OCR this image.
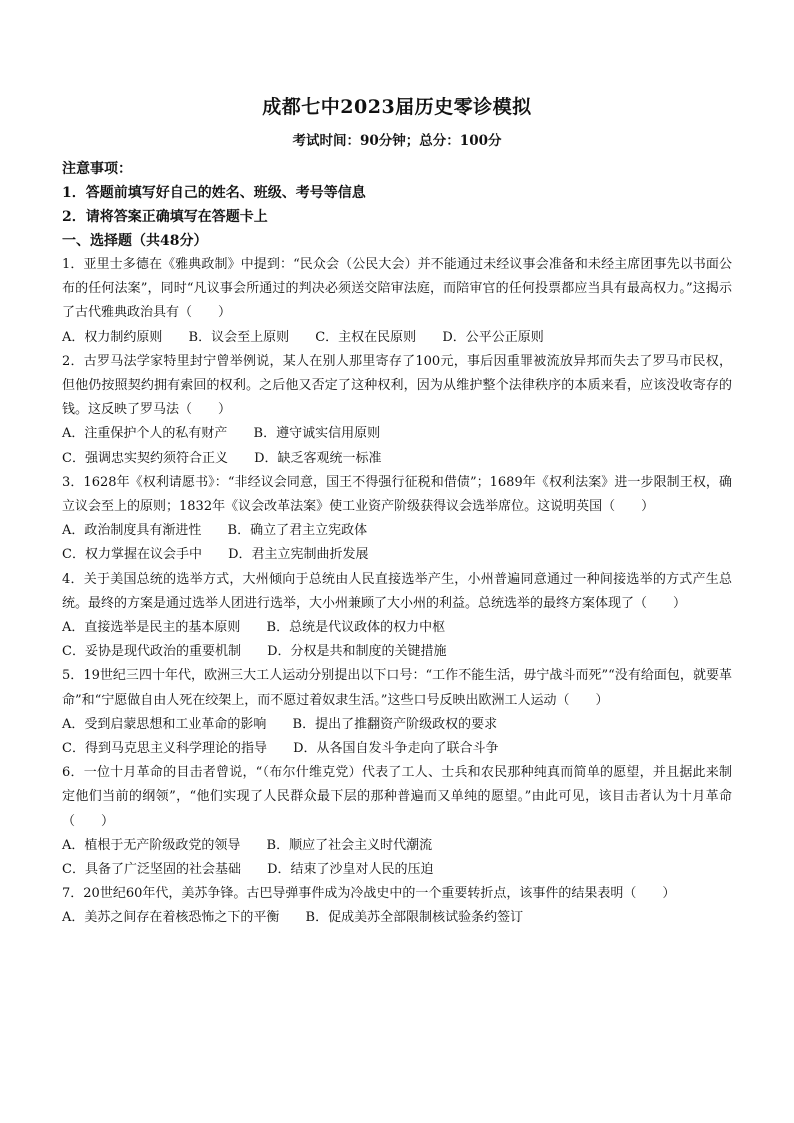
成都七中2023届历史零诊模拟
考试时间：90分钟；总分：100分
注意事项：
1．答题前填写好自己的姓名、班级、考号等信息
2．请将答案正确填写在答题卡上
一、选择题（共48分）

1．亚里士多德在《雅典政制》中提到：“民众会（公民大会）并不能通过未经议事会准备和未经主席团事先以书面公布的任何法案”，同时“凡议事会所通过的判决必须送交陪审法庭，而陪审官的任何投票都应当具有最高权力。”这揭示了古代雅典政治具有（　　）

A．权力制约原则 B．议会至上原则 C．主权在民原则 D．公平公正原则

2．古罗马法学家特里封宁曾举例说，某人在别人那里寄存了100元，事后因重罪被流放异邦而失去了罗马市民权，但他仍按照契约拥有索回的权利。之后他又否定了这种权利，因为从维护整个法律秩序的本质来看，应该没收寄存的钱。这反映了罗马法（　　）

A．注重保护个人的私有财产 B．遵守诚实信用原则
C．强调忠实契约须符合正义 D．缺乏客观统一标准

3．1628年《权利请愿书》：“非经议会同意，国王不得强行征税和借债”；1689年《权利法案》进一步限制王权，确立议会至上的原则；1832年《议会改革法案》使工业资产阶级获得议会选举席位。这说明英国（　　）

A．政治制度具有渐进性 B．确立了君主立宪政体
C．权力掌握在议会手中 D．君主立宪制曲折发展

4．关于美国总统的选举方式，大州倾向于总统由人民直接选举产生，小州普遍同意通过一种间接选举的方式产生总统。最终的方案是通过选举人团进行选举，大小州兼顾了大小州的利益。总统选举的最终方案体现了（　　）

A．直接选举是民主的基本原则 B．总统是代议政体的权力中枢
C．妥协是现代政治的重要机制 D．分权是共和制度的关键措施

5．19世纪三四十年代，欧洲三大工人运动分别提出以下口号：“工作不能生活，毋宁战斗而死”“没有给面包，就要革命”和“宁愿做自由人死在绞架上，而不愿过着奴隶生活。”这些口号反映出欧洲工人运动（　　）

A．受到启蒙思想和工业革命的影响 B．提出了推翻资产阶级政权的要求
C．得到马克思主义科学理论的指导 D．从各国自发斗争走向了联合斗争

6．一位十月革命的目击者曾说，“（布尔什维克党）代表了工人、士兵和农民那种纯真而简单的愿望，并且据此来制定他们当前的纲领”，“他们实现了人民群众最下层的那种普遍而又单纯的愿望。”由此可见，该目击者认为十月革命（　　）

A．植根于无产阶级政党的领导 B．顺应了社会主义时代潮流
C．具备了广泛坚固的社会基础 D．结束了沙皇对人民的压迫

7．20世纪60年代，美苏争锋。古巴导弹事件成为冷战史中的一个重要转折点，该事件的结果表明（　　）

A．美苏之间存在着核恐怖之下的平衡 B．促成美苏全部限制核试验条约签订
